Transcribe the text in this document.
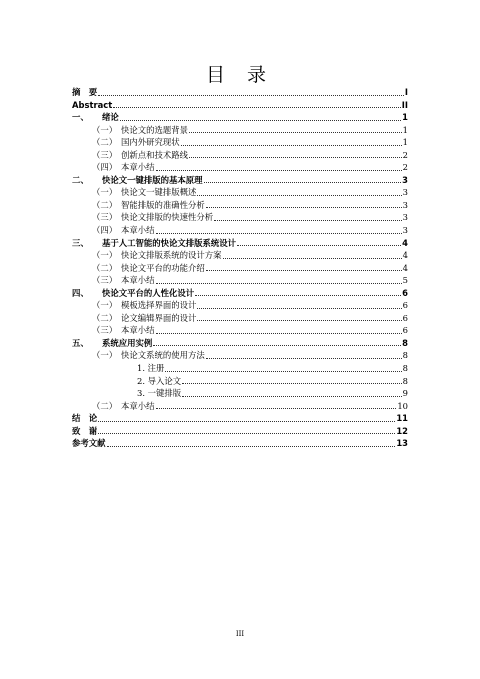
目 录
摘　要	I
Abstract	II
一、 绪论	1
（一） 快论文的选题背景	1
（二） 国内外研究现状	1
（三） 创新点和技术路线	2
（四） 本章小结	2
二、 快论文一键排版的基本原理	3
（一） 快论文一键排版概述	3
（二） 智能排版的准确性分析	3
（三） 快论文排版的快速性分析	3
（四） 本章小结	3
三、 基于人工智能的快论文排版系统设计	4
（一） 快论文排版系统的设计方案	4
（二） 快论文平台的功能介绍	4
（三） 本章小结	5
四、 快论文平台的人性化设计	6
（一） 模板选择界面的设计	6
（二） 论文编辑界面的设计	6
（三） 本章小结	6
五、 系统应用实例	8
（一） 快论文系统的使用方法	8
1. 注册	8
2. 导入论文	8
3. 一键排版	9
（二） 本章小结	10
结　论	11
致　谢	12
参考文献	13
III
